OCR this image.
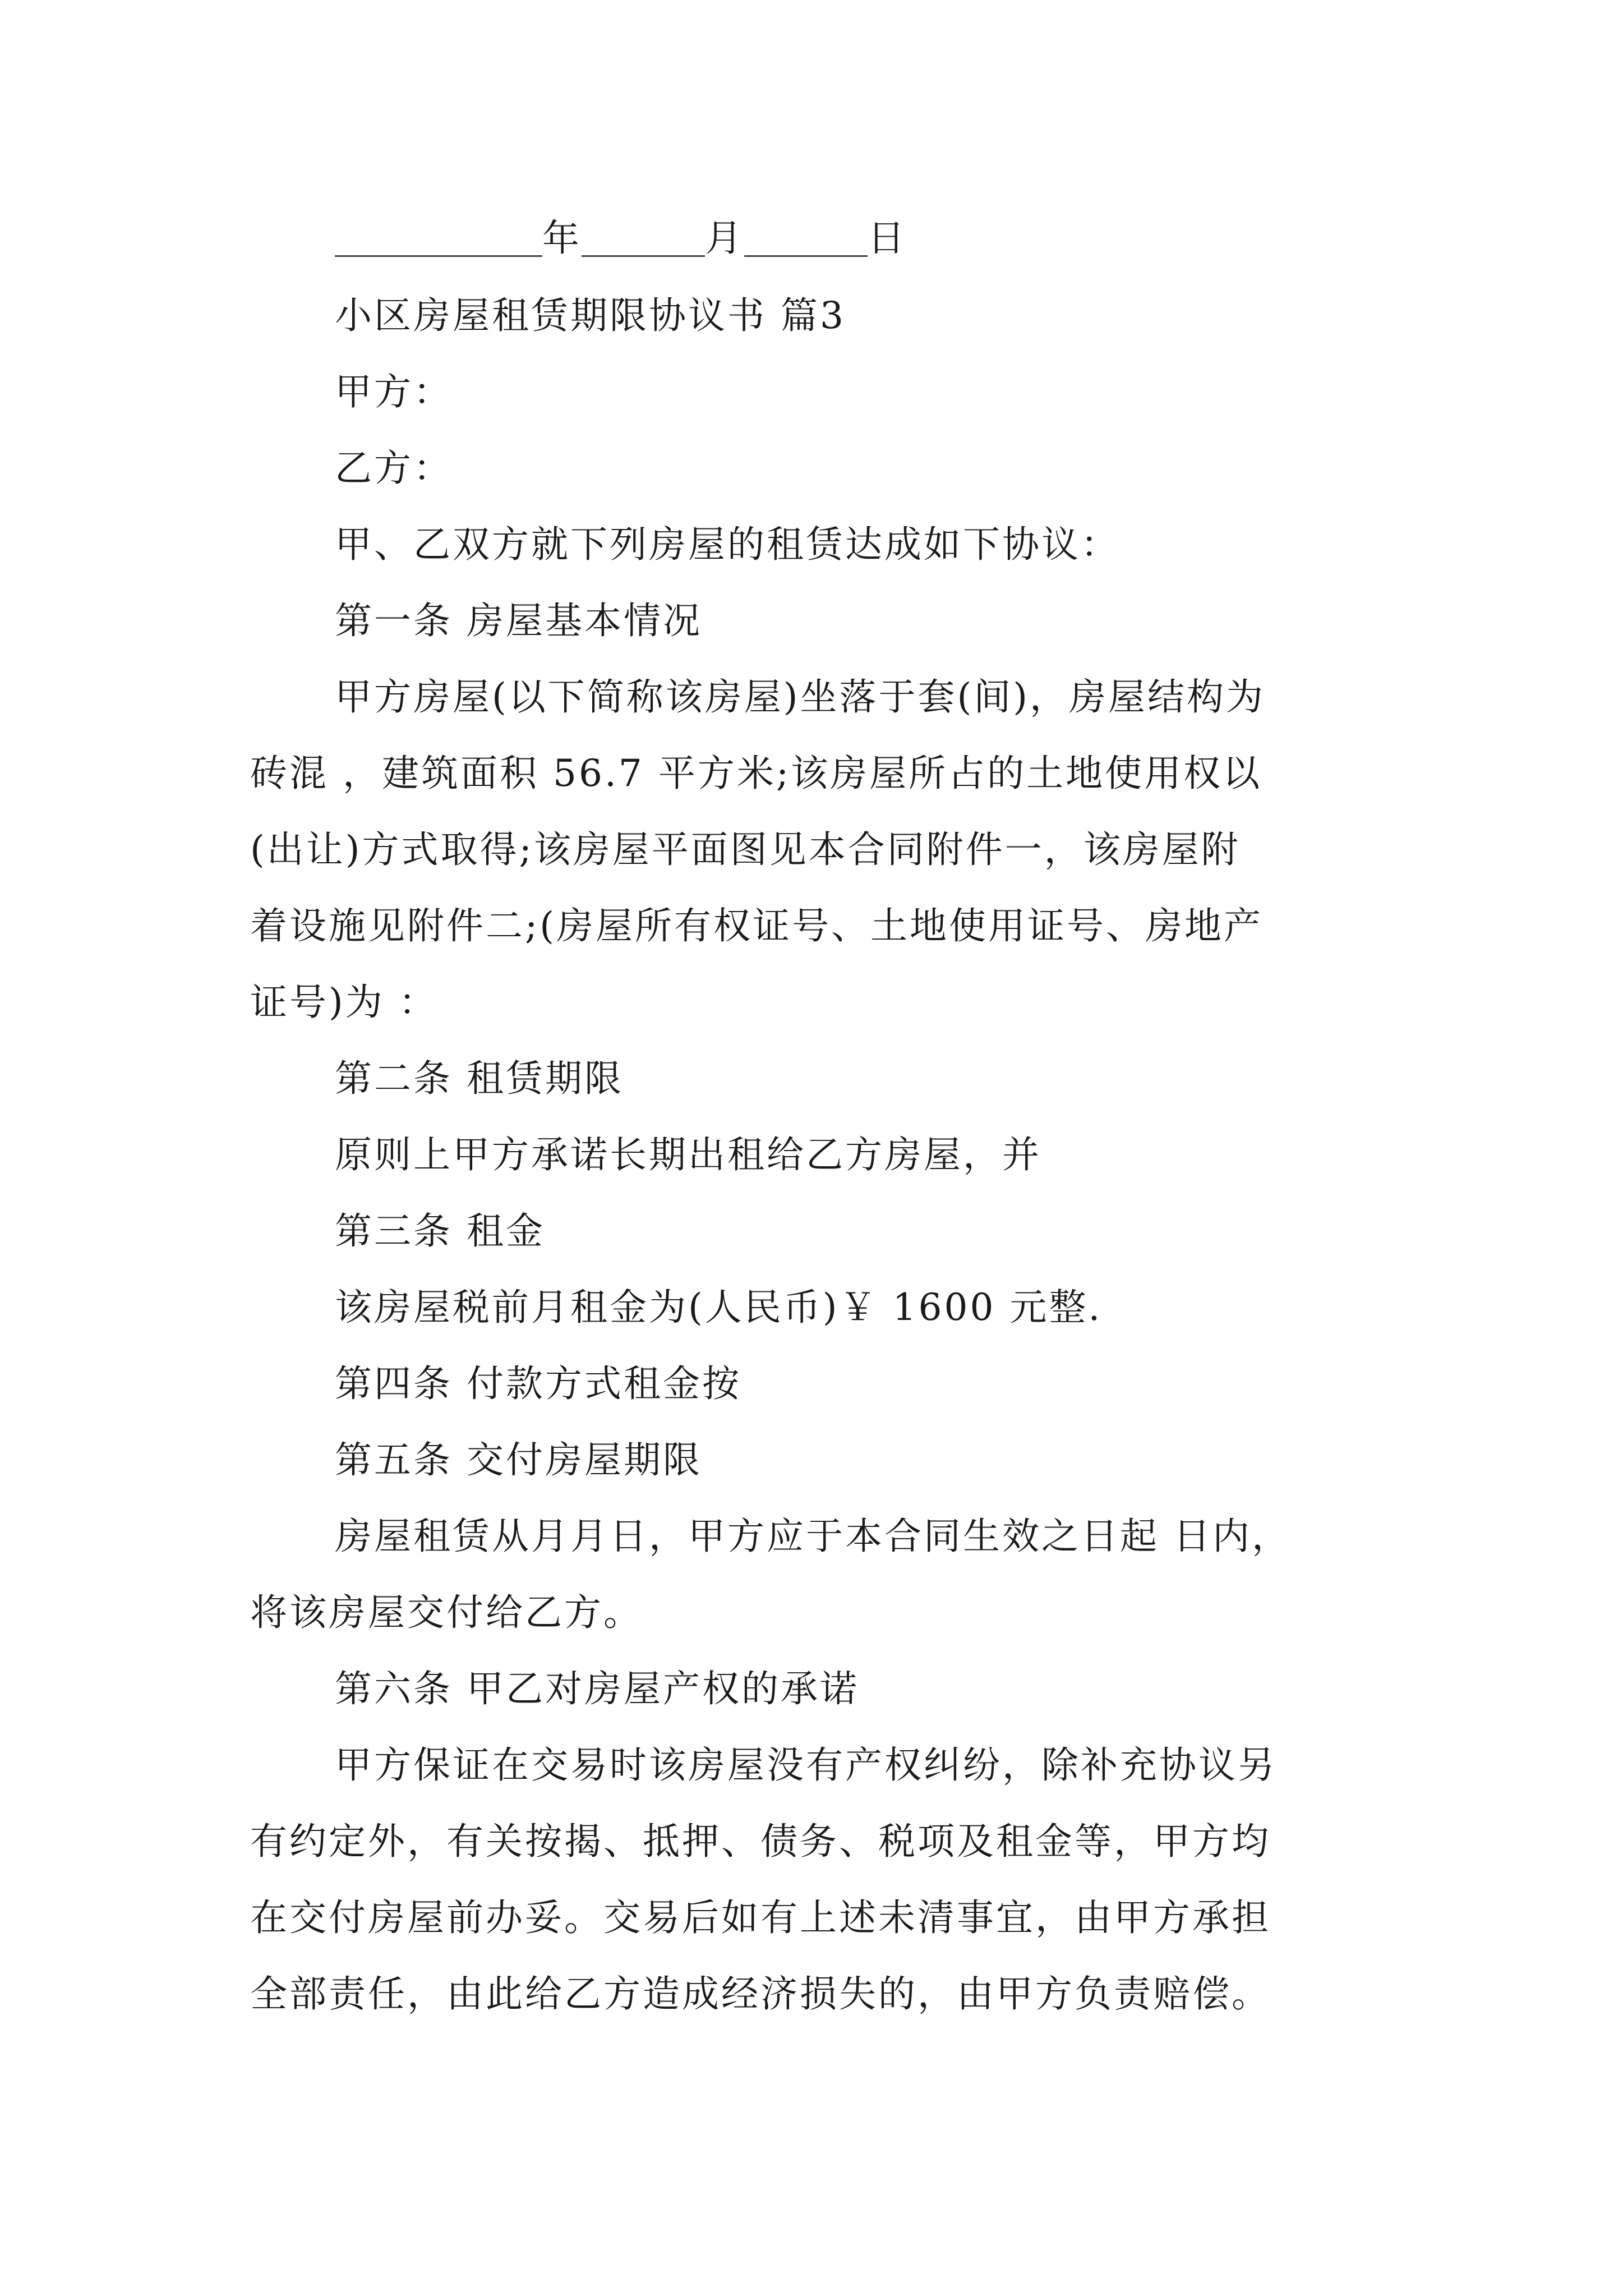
年	月	日
小区房屋租赁期限协议书 篇3
甲方：
乙方：
甲、乙双方就下列房屋的租赁达成如下协议：
第一条 房屋基本情况
甲方房屋(以下简称该房屋)坐落于套(间)，房屋结构为
砖混 ，建筑面积 56.7 平方米;该房屋所占的土地使用权以
(出让)方式取得;该房屋平面图见本合同附件一，该房屋附
着设施见附件二;(房屋所有权证号、土地使用证号、房地产
证号)为 ：
第二条 租赁期限
原则上甲方承诺长期出租给乙方房屋，并
第三条 租金
该房屋税前月租金为(人民币)￥ 1600 元整.
第四条 付款方式租金按
第五条 交付房屋期限
房屋租赁从月月日，甲方应于本合同生效之日起 日内，
将该房屋交付给乙方。
第六条 甲乙对房屋产权的承诺
甲方保证在交易时该房屋没有产权纠纷，除补充协议另
有约定外，有关按揭、抵押、债务、税项及租金等，甲方均
在交付房屋前办妥。交易后如有上述未清事宜，由甲方承担
全部责任，由此给乙方造成经济损失的，由甲方负责赔偿。
